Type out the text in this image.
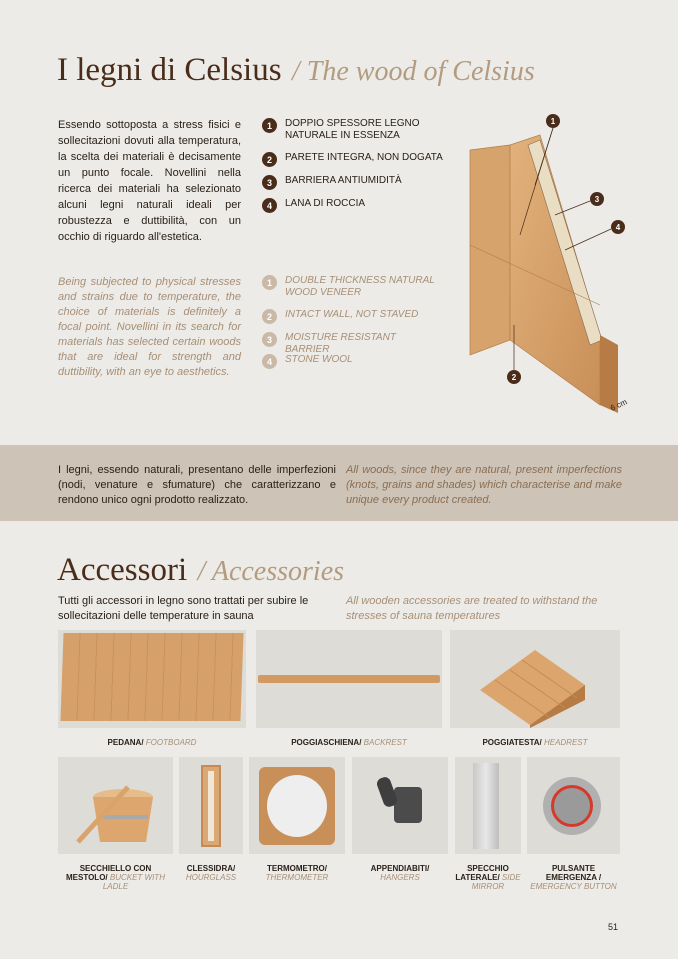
I legni di Celsius / The wood of Celsius

Essendo sottoposta a stress fisici e sollecitazioni dovuti alla temperatura, la scelta dei materiali è decisamente un punto focale. Novellini nella ricerca dei materiali ha selezionato alcuni legni naturali ideali per robustezza e duttibilità, con un occhio di riguardo all'estetica.

Being subjected to physical stresses and strains due to temperature, the choice of materials is definitely a focal point. Novellini in its search for materials has selected certain woods that are ideal for strength and duttibility, with an eye to aesthetics.

1	DOPPIO SPESSORE LEGNO NATURALE IN ESSENZA
2	PARETE INTEGRA, NON DOGATA
3	BARRIERA ANTIUMIDITÀ
4	LANA DI ROCCIA
1	DOUBLE THICKNESS NATURAL WOOD VENEER
2	INTACT WALL, NOT STAVED
3	MOISTURE RESISTANT BARRIER
4	STONE WOOL
1
3
4
2
6 cm

I legni, essendo naturali, presentano delle imperfezioni (nodi, venature e sfumature) che caratterizzano e rendono unico ogni prodotto realizzato.

All woods, since they are natural, present imperfections (knots, grains and shades) which characterise and make unique every product created.

Accessori / Accessories

Tutti gli accessori in legno sono trattati per subire le sollecitazioni delle temperature in sauna

All wooden accessories are treated to withstand the stresses of sauna temperatures

PEDANA/ FOOTBOARD	POGGIASCHIENA/ BACKREST	POGGIATESTA/ HEADREST
SECCHIELLO CON MESTOLO/ BUCKET WITH LADLE
CLESSIDRA/ HOURGLASS
TERMOMETRO/ THERMOMETER
APPENDIABITI/ HANGERS
SPECCHIO LATERALE/ SIDE MIRROR
PULSANTE EMERGENZA / EMERGENCY BUTTON
51
